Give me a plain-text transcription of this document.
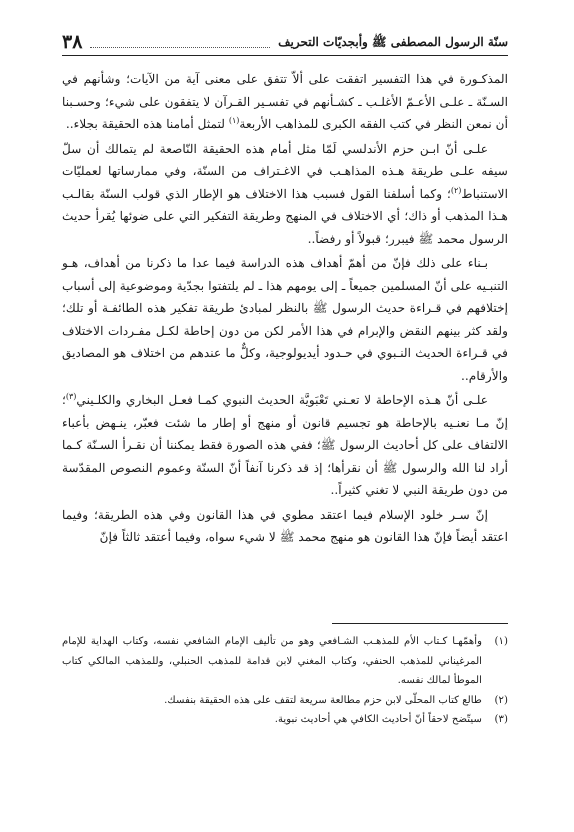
سنّة الرسول المصطفى ﷺ وأبجديّات التحريف
٣٨

المذكـورة في هذا التفسير اتفقت على ألاّ تتفق على معنى آية من الآيات؛ وشأنهم في السـنّة ـ علـى الأعـمّ الأغلـب ـ كشـأنهم في تفسـير القـرآن لا يتفقون على شيء؛ وحسـبنا أن نمعن النظر في كتب الفقه الكبرى للمذاهب الأربعة$^{(١)}$ لتمثل أمامنا هذه الحقيقة بجلاء..

علـى أنّ ابـن حزم الأندلسي لَمّا مثل أمام هذه الحقيقة النّاصعة لم يتمالك أن سلّ سيفه علـى طريقة هـذه المذاهـب في الاغـتراف من السنّة، وفي ممارساتها لعمليّات الاستنباط$^{(٢)}$؛ وكما أسلفنا القول فسبب هذا الاختلاف هو الإطار الذي قولب السنّة بقالـب هـذا المذهب أو ذاك؛ أي الاختلاف في المنهج وطريقة التفكير التي على ضوئها يُقرأ حديث الرسول محمد ﷺ فيبرر؛ قبولاً أو رفضاً..

بـناء على ذلك فإنّ من أهمّ أهداف هذه الدراسة فيما عدا ما ذكرنا من أهداف، هـو التنبـيه على أنّ المسلمين جميعاً ـ إلى يومهم هذا ـ لم يلتفتوا بجدّية وموضوعية إلى أسباب إختلافهم في قـراءة حديث الرسول ﷺ بالنظر لمبادئ طريقة تفكير هذه الطائفـة أو تلك؛ ولقد كثر بينهم النقض والإبرام في هذا الأمر لكن من دون إحاطة لكـل مفـردات الاختلاف في قـراءة الحديث النـبوي في حـدود أيديولوجية، وكلٌّ ما عندهم من اختلاف هو المصاديق والأرقام..

علـى أنّ هـذه الإحاطة لا تعـني تَعْبَويَّة الحديث النبوي كمـا فعـل البخاري والكلـيني$^{(٣)}$؛ إنّ مـا نعنـيه بالإحاطة هو تجسيم قانون أو منهج أو إطار ما شئت فعبّر، ينـهض بأعباء الالتفاف على كل أحاديث الرسول ﷺ؛ ففي هذه الصورة فقط يمكننا أن نقـرأ السـنّة كـما أراد لنا الله والرسول ﷺ أن نقرأها؛ إذ قد ذكرنا آنفاً أنّ السنّة وعموم النصوص المقدّسة من دون طريقة النبي لا تغني كثيراً..

إنّ سـر خلود الإسلام فيما اعتقد مطوي في هذا القانون وفي هذه الطريقة؛ وفيما اعتقد أيضاً فإنّ هذا القانون هو منهج محمد ﷺ لا شيء سواه، وفيما أعتقد ثالثاً فإنّ

(١)
وأهمّهـا كـتاب الأم للمذهـب الشـافعي وهو من تأليف الإمام الشافعي نفسه، وكتاب الهداية للإمام المرغيناني للمذهب الحنفي، وكتاب المغني لابن قدامة للمذهب الحنبلي، وللمذهب المالكي كتاب الموطأ لمالك نفسه.

(٢)
طالع كتاب المحلّى لابن حزم مطالعة سريعة لتقف على هذه الحقيقة بنفسك.

(٣)
سيتّضح لاحقاً أنّ أحاديث الكافي هي أحاديث نبوية.
